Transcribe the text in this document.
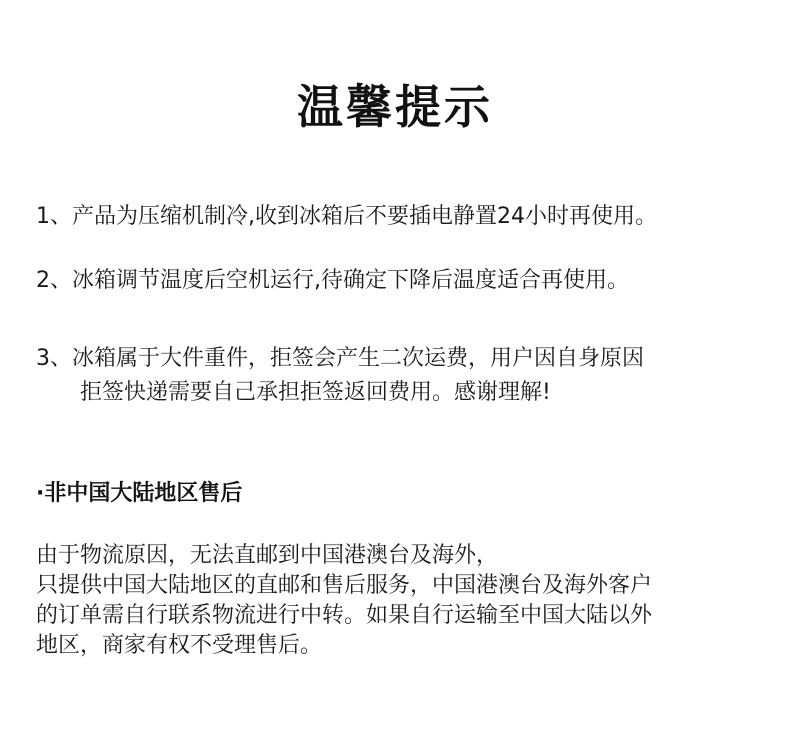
温馨提示
1、产品为压缩机制冷,收到冰箱后不要插电静置24小时再使用。
2、冰箱调节温度后空机运行,待确定下降后温度适合再使用。
3、冰箱属于大件重件，拒签会产生二次运费，用户因自身原因
拒签快递需要自己承担拒签返回费用。感谢理解!
·非中国大陆地区售后
由于物流原因，无法直邮到中国港澳台及海外，
只提供中国大陆地区的直邮和售后服务，中国港澳台及海外客户
的订单需自行联系物流进行中转。如果自行运输至中国大陆以外
地区，商家有权不受理售后。
